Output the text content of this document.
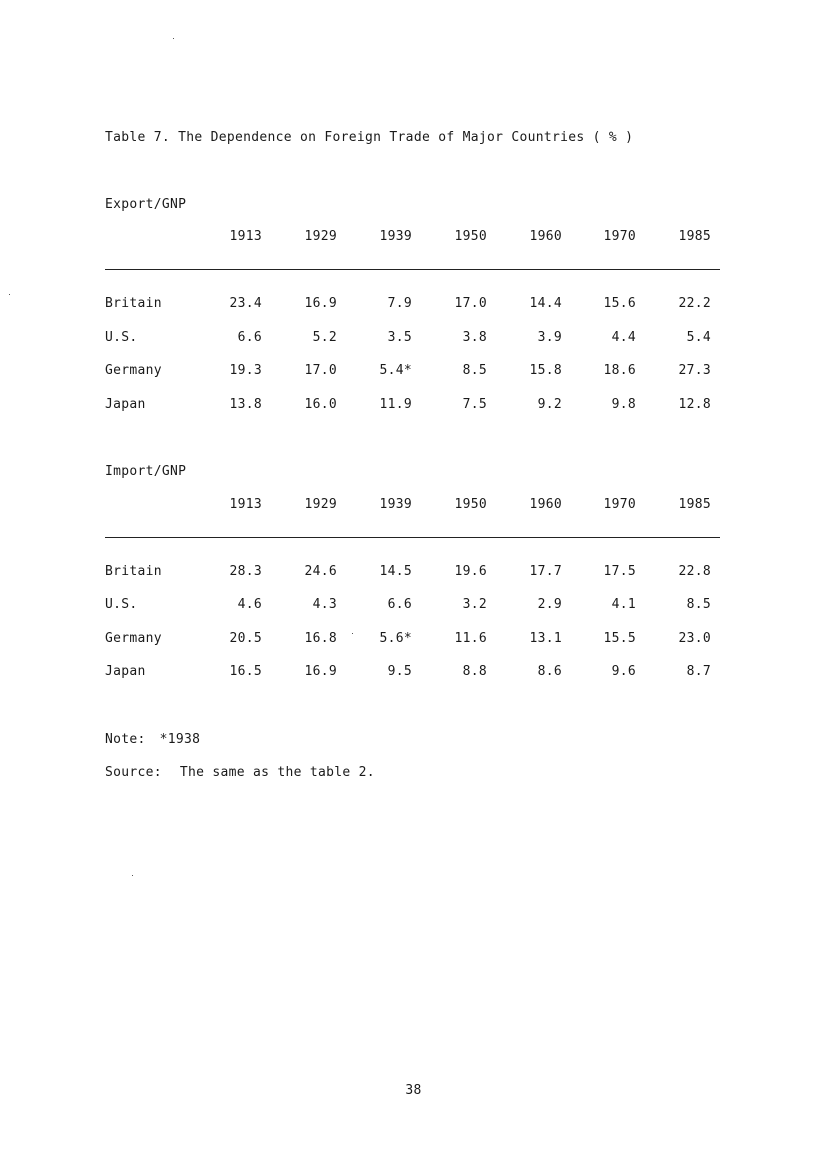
Table 7. The Dependence on Foreign Trade of Major Countries ( % )
Export/GNP
1913	1929	1939	1950	1960	1970	1985
Britain	23.4	16.9	7.9	17.0	14.4	15.6	22.2
U.S.	6.6	5.2	3.5	3.8	3.9	4.4	5.4
Germany	19.3	17.0	5.4*	8.5	15.8	18.6	27.3
Japan	13.8	16.0	11.9	7.5	9.2	9.8	12.8
Import/GNP
1913	1929	1939	1950	1960	1970	1985
Britain	28.3	24.6	14.5	19.6	17.7	17.5	22.8
U.S.	4.6	4.3	6.6	3.2	2.9	4.1	8.5
Germany	20.5	16.8	5.6*	11.6	13.1	15.5	23.0
Japan	16.5	16.9	9.5	8.8	8.6	9.6	8.7
Note: *1938
Source: The same as the table 2.
38
